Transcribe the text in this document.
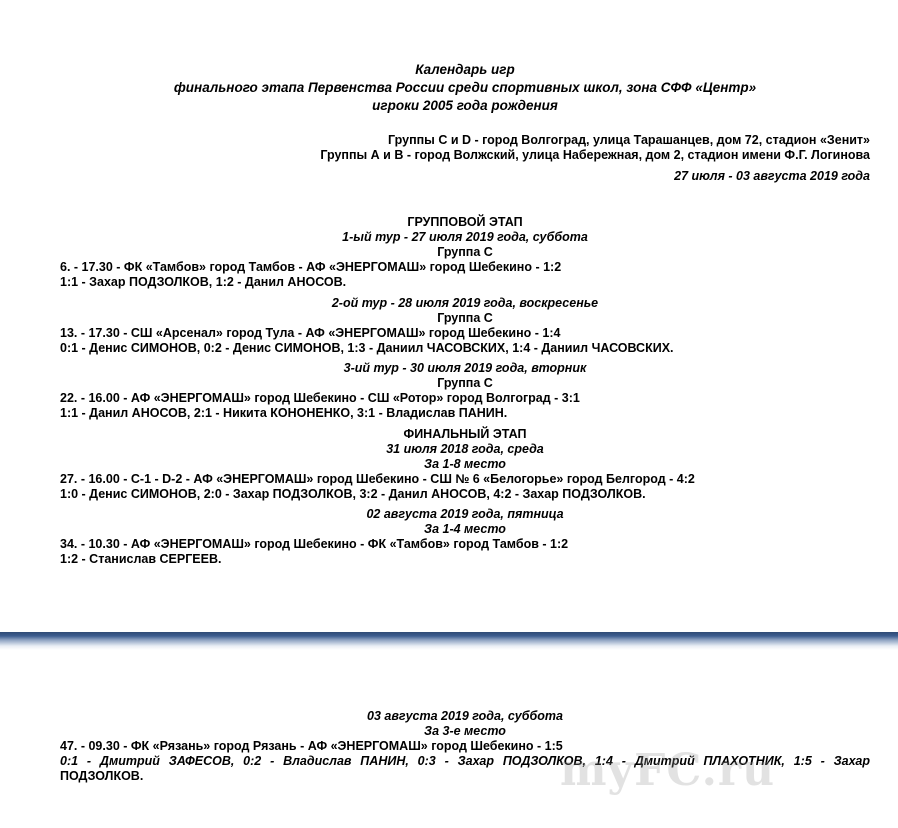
Календарь игр
финального этапа Первенства России среди спортивных школ, зона СФФ «Центр»
игроки 2005 года рождения
Группы С и D - город Волгоград, улица Тарашанцев, дом 72, стадион «Зенит»
Группы А и В - город Волжский, улица Набережная, дом 2, стадион имени Ф.Г. Логинова
27 июля - 03 августа 2019 года
ГРУППОВОЙ ЭТАП
1-ый тур - 27 июля 2019 года, суббота
Группа С
6. - 17.30 - ФК «Тамбов» город Тамбов - АФ «ЭНЕРГОМАШ» город Шебекино - 1:2
1:1 - Захар ПОДЗОЛКОВ, 1:2 - Данил АНОСОВ.
2-ой тур - 28 июля 2019 года, воскресенье
Группа С
13. - 17.30 - СШ «Арсенал» город Тула - АФ «ЭНЕРГОМАШ» город Шебекино - 1:4
0:1 - Денис СИМОНОВ, 0:2 - Денис СИМОНОВ, 1:3 - Даниил ЧАСОВСКИХ, 1:4 - Даниил ЧАСОВСКИХ.
3-ий тур - 30 июля 2019 года, вторник
Группа С
22. - 16.00 - АФ «ЭНЕРГОМАШ» город Шебекино - СШ «Ротор» город Волгоград - 3:1
1:1 - Данил АНОСОВ, 2:1 - Никита КОНОНЕНКО, 3:1 - Владислав ПАНИН.
ФИНАЛЬНЫЙ ЭТАП
31 июля 2018 года, среда
За 1-8 место
27. - 16.00 - С-1 - D-2 - АФ «ЭНЕРГОМАШ» город Шебекино - СШ № 6 «Белогорье» город Белгород - 4:2
1:0 - Денис СИМОНОВ, 2:0 - Захар ПОДЗОЛКОВ, 3:2 - Данил АНОСОВ, 4:2 - Захар ПОДЗОЛКОВ.
02 августа 2019 года, пятница
За 1-4 место
34. - 10.30 - АФ «ЭНЕРГОМАШ» город Шебекино - ФК «Тамбов» город Тамбов - 1:2
1:2 - Станислав СЕРГЕЕВ.
03 августа 2019 года, суббота
За 3-е место
47. - 09.30 - ФК «Рязань» город Рязань - АФ «ЭНЕРГОМАШ» город Шебекино - 1:5
0:1 - Дмитрий ЗАФЕСОВ, 0:2 - Владислав ПАНИН, 0:3 - Захар ПОДЗОЛКОВ, 1:4 - Дмитрий ПЛАХОТНИК, 1:5 - Захар
ПОДЗОЛКОВ.	myFC.ru
